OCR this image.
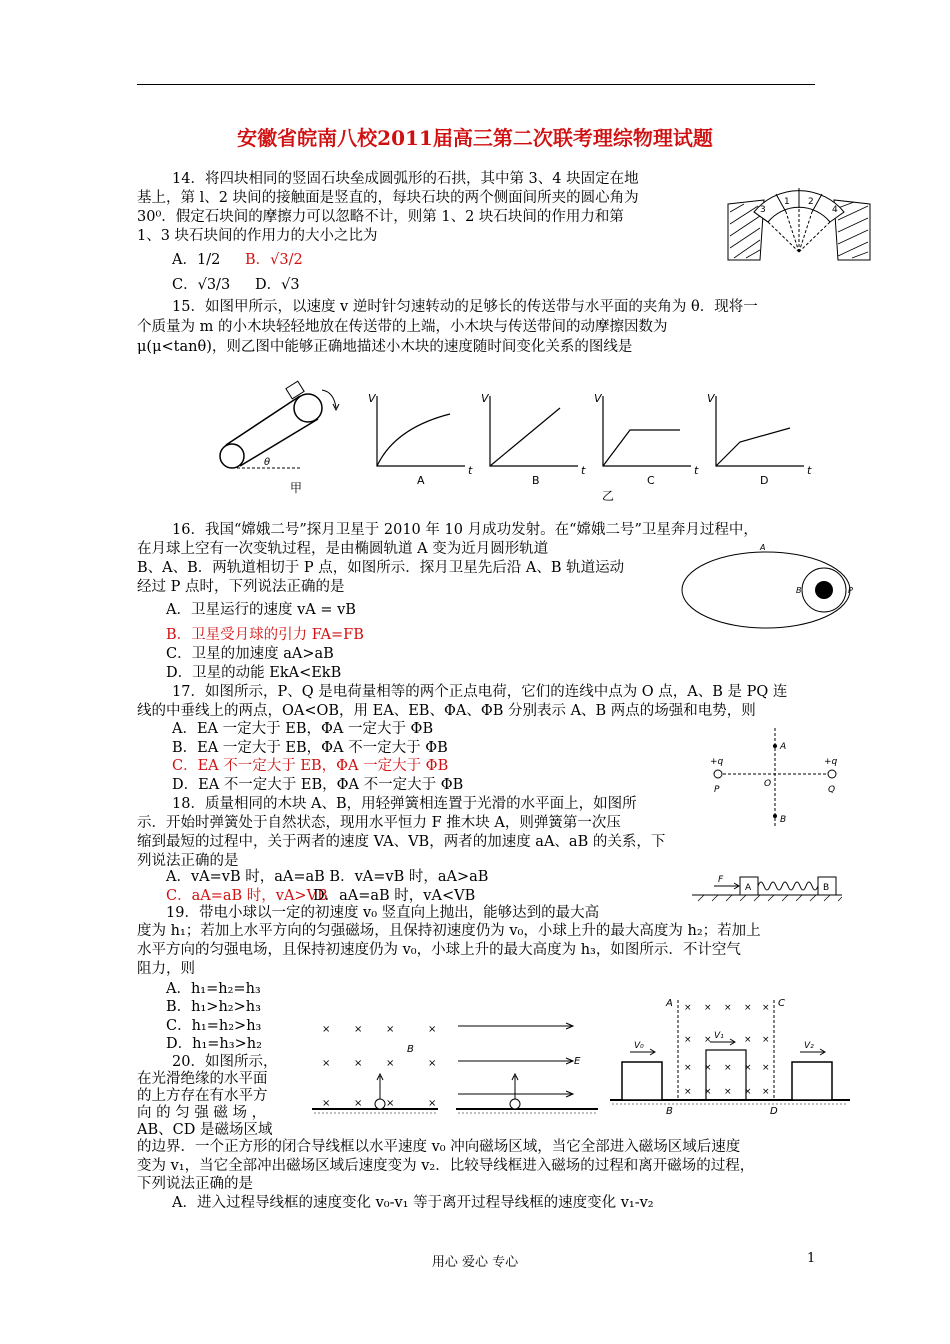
安徽省皖南八校2011届高三第二次联考理综物理试题
14．将四块相同的竖固石块垒成圆弧形的石拱，其中第 3、4 块固定在地
基上，第 l、2 块间的接触面是竖直的，每块石块的两个侧面间所夹的圆心角为
30⁰．假定石块间的摩擦力可以忽略不计，则第 1、2 块石块间的作用力和第
1、3 块石块间的作用力的大小之比为
A．1/2 B．√3/2
C．√3/3 D．√3
3
1 2
4
15．如图甲所示，以速度 v 逆时针匀速转动的足够长的传送带与水平面的夹角为 θ．现将一
个质量为 m 的小木块轻轻地放在传送带的上端，小木块与传送带间的动摩擦因数为
μ(μ<tanθ)，则乙图中能够正确地描述小木块的速度随时间变化关系的图线是
θ
甲
V
t
V
t
V
t
V
t
A	B	C	D
乙
16．我国“嫦娥二号”探月卫星于 2010 年 10 月成功发射。在“嫦娥二号”卫星奔月过程中，
在月球上空有一次变轨过程，是由椭圆轨道 A 变为近月圆形轨道
B、A、B．两轨道相切于 P 点，如图所示．探月卫星先后沿 A、B 轨道运动
经过 P 点时，下列说法正确的是
A．卫星运行的速度 vA = vB
B．卫星受月球的引力 FA=FB
C．卫星的加速度 aA>aB
D．卫星的动能 EkA<EkB
A
B	P
17．如图所示，P、Q 是电荷量相等的两个正点电荷，它们的连线中点为 O 点，A、B 是 PQ 连
线的中垂线上的两点，OA<OB，用 EA、EB、ΦA、ΦB 分别表示 A、B 两点的场强和电势，则
A．EA 一定大于 EB，ΦA 一定大于 ΦB
B．EA 一定大于 EB，ΦA 不一定大于 ΦB
C．EA 不一定大于 EB，ΦA 一定大于 ΦB
D．EA 不一定大于 EB，ΦA 不一定大于 ΦB
+q	+q
P	Q
O
A
B
18．质量相同的木块 A、B，用轻弹簧相连置于光滑的水平面上，如图所
示．开始时弹簧处于自然状态，现用水平恒力 F 推木块 A，则弹簧第一次压
缩到最短的过程中，关于两者的速度 VA、VB，两者的加速度 aA、aB 的关系，下
列说法正确的是
A．vA=vB 时，aA=aB B．vA=vB 时，aA>aB
C．aA=aB 时，vA>VB
D．aA=aB 时，vA<VB
F
A	B
19．带电小球以一定的初速度 v₀ 竖直向上抛出，能够达到的最大高
度为 h₁；若加上水平方向的匀强磁场，且保持初速度仍为 v₀，小球上升的最大高度为 h₂；若加上
水平方向的匀强电场，且保持初速度仍为 v₀，小球上升的最大高度为 h₃，如图所示．不计空气
阻力，则
A．h₁=h₂=h₃
B．h₁>h₂>h₃
C．h₁=h₂>h₃
D．h₁=h₃>h₂
× × ×	×
× × ×	×
× × ×	×
B
E
20．如图所示，
在光滑绝缘的水平面
的上方存在有水平方
向 的 匀 强 磁 场 ，
AB、CD 是磁场区域
的边界．一个正方形的闭合导线框以水平速度 v₀ 冲向磁场区域，当它全部进入磁场区域后速度
变为 v₁，当它全部冲出磁场区域后速度变为 v₂．比较导线框进入磁场的过程和离开磁场的过程，
下列说法正确的是
A．进入过程导线框的速度变化 v₀-v₁ 等于离开过程导线框的速度变化 v₁-v₂
× × × × ×
× ×	× ×
× × × × ×
× × × × ×
A	C
B	D
V₀
V₁
V₂
用心 爱心 专心	1
